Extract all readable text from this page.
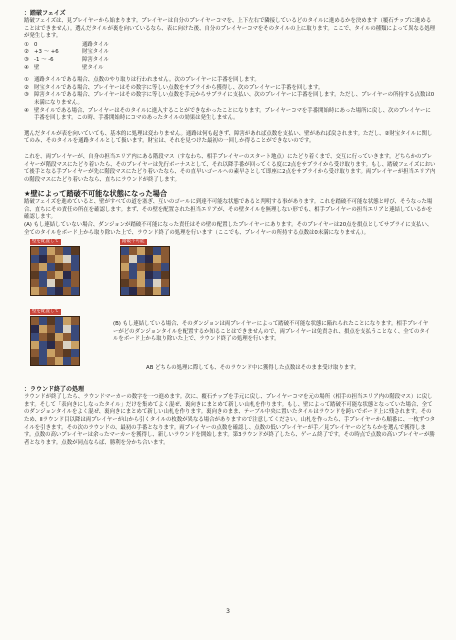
：踏破フェイズ
踏破フェイズは、見プレイヤーから始まります。プレイヤーは自分のプレイヤーコマを、上下左右で隣接しているどのタイルに進めるかを決めます（覆石チップに進めることはできません）。選んだタイルが裏を向いているなら、表に向けた後、自分のプレイヤーコマをそのタイルの上に取ります。ここで、タイルの種類によって異なる処理が発生します。
① 0	通路タイル
② +3 〜 +6	財宝タイル
③ -1 〜 -6	障害タイル
④ 壁	壁タイル
① 通路タイルである場合、点数のやり取りは行われません。次のプレイヤーに手番を回します。
② 財宝タイルである場合、プレイヤーはその数字に等しい点数をサプライから獲得し、次のプレイヤーに手番を回します。
③ 障害タイルである場合、プレイヤーはその数字に等しい点数を手元からサプライに支払い、次のプレイヤーに手番を回します。ただし、プレイヤーの所持する点数は0未満になりません。
④ 壁タイルである場合、プレイヤーはそのタイルに進入することができなかったことになります。プレイヤーコマを手番開始時にあった場所に戻し、次のプレイヤーに手番を回します。この時、手番開始時にコマのあったタイルの効果は発生しません。
選んだタイルが表を向いていても、基本的に処理は変わりません。通路は何も起きず、障害があれば点数を支払い、壁があれば戻されます。ただし、②財宝タイルに関してのみ、そのタイルを通路タイルとして扱います。財宝は、それを見つけた最初の一回しか得ることができないのです。
これを、両プレイヤーが、自身の担当エリア内にある階段マス（すなわち、相手プレイヤーのスタート地点）にたどり着くまで、交互に行っていきます。どちらかのプレイヤーが階段マスにたどり着いたら、そのプレイヤーは先行ボーナスとして、それ以降手番が回ってくる度に2点をサプライから受け取ります。もし、踏破フェイズにおいて後手となる手プレイヤーが先に階段マスにたどり着いたなら、その直早いゴールへの素早さとして即座に2点をサプライから受け取ります。両プレイヤーが担当エリア内の階段マスにたどり着いたなら、直ちにラウンドが終了します。
★壁によって踏破不可能な状態になった場合
踏破フェイズを進めていると、壁がすべての道を塞ぎ、互いのゴールに到達不可能な状態であると判明する事があります。これを踏破不可能な状態と呼び、そうなった場合、直ちにその責任の所在を確認します。まず、その壁を配置された担当エリアが、その壁タイルを無理しない形でも、相手プレイヤーの担当エリアと連結しているかを確認します。
(A) もし連結していない場合、ダンジョンが踏破不可能になった責任はその壁の配置したプレイヤーにあります。そのプレイヤーは20点を損点としてサプライに支払い、全てのタイルをボード上から取り除いた上で、ラウンド終了の処理を行います（ここでも、プレイヤーの所持する点数は0未満になりません）。
壁を配置して	踏破不可能
壁を配置して
(B) もし連結している場合、そのダンジョンは両プレイヤーによって踏破不可能な状態に陥れられたことになります。相手プレイヤーがどのダンジョンタイルを配置するか知ることはできませんので、両プレイヤーは免責され、損点を支払うことなく、全てのタイルをボード上から取り除いた上で、ラウンド終了の処理を行います。
AB どちらの処理に際しても、そのラウンド中に獲得した点数はそのまま受け取ります。
：ラウンド終了の処理
ラウンドが終了したら、ラウンドマーカーの数字を一つ進めます。次に、覆石チップを手元に戻し、プレイヤーコマを元の場所（相手の担当エリア内の階段マス）に戻します。そして「表向きにしなったタイル」だけを集めてよく混ぜ、裏向きにまとめて新しい山札を作ります。もし、壁によって踏破不可能な状態となっていた場合、全てのダンジョンタイルをよく混ぜ、裏向きにまとめて新しい山札を作ります。裏向きのまま、テーブル中央に置いたタイルはラウンドを跨いでボード上に残されます。そのため、Ⅱラウンド目以降は両プレイヤーが山から引くタイルの枚数が異なる場合がありますので注意してください。山札を作ったら、手プレイヤーから順番に、一枚ずつタイルを引きます。その次のラウンドの、最初の手番となります。両プレイヤーの点数を確認し、点数の低いプレイヤーが手／見プレイヤーのどちらかを選んで獲得します。点数の高いプレイヤーは余ったマーカーを獲得し、新しいラウンドを開始します。第3ラウンドが終了したら、ゲーム終了です。その時点で点数の高いプレイヤーが勝者となります。点数が同点ならば、勝利を分かち合います。
3
